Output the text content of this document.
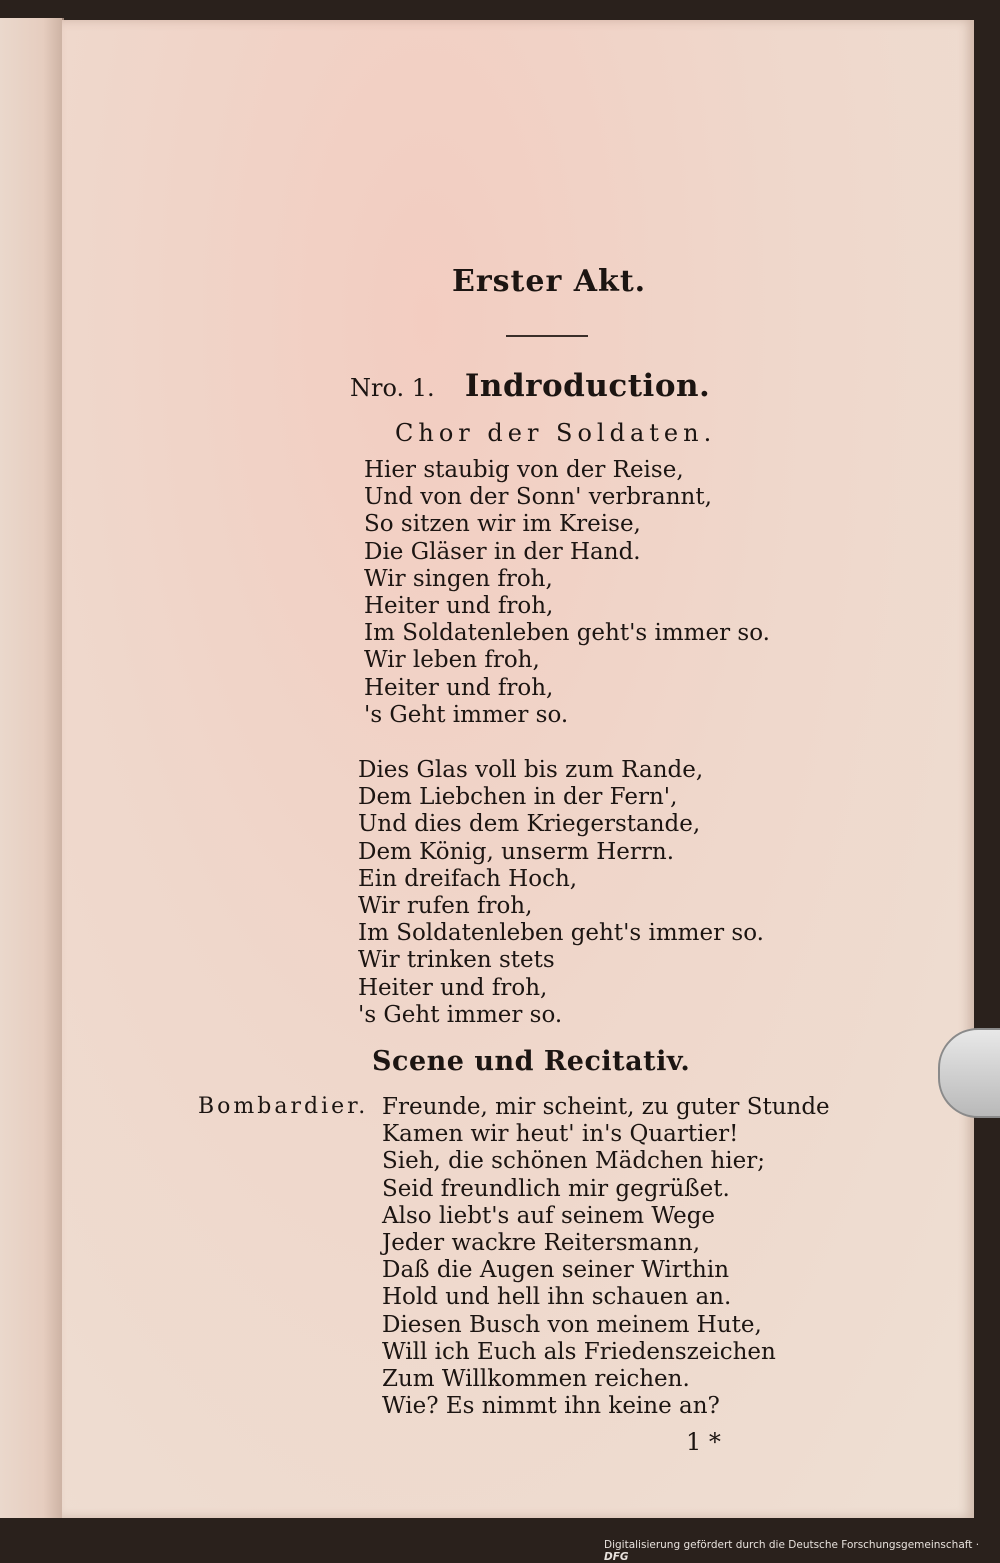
Erster Akt.
Nro. 1. Indroduction.
Chor der Soldaten.
Hier staubig von der Reise,
Und von der Sonn' verbrannt,
So sitzen wir im Kreise,
Die Gläser in der Hand.
Wir singen froh,
Heiter und froh,
Im Soldatenleben geht's immer so.
Wir leben froh,
Heiter und froh,
's Geht immer so.
Dies Glas voll bis zum Rande,
Dem Liebchen in der Fern',
Und dies dem Kriegerstande,
Dem König, unserm Herrn.
Ein dreifach Hoch,
Wir rufen froh,
Im Soldatenleben geht's immer so.
Wir trinken stets
Heiter und froh,
's Geht immer so.
Scene und Recitativ.
Bombardier. Freunde, mir scheint, zu guter Stunde
Kamen wir heut' in's Quartier!
Sieh, die schönen Mädchen hier;
Seid freundlich mir gegrüßet.
Also liebt's auf seinem Wege
Jeder wackre Reitersmann,
Daß die Augen seiner Wirthin
Hold und hell ihn schauen an.
Diesen Busch von meinem Hute,
Will ich Euch als Friedenszeichen
Zum Willkommen reichen.
Wie? Es nimmt ihn keine an?
1 *
Digitalisierung gefördert durch die Deutsche Forschungsgemeinschaft · DFG
